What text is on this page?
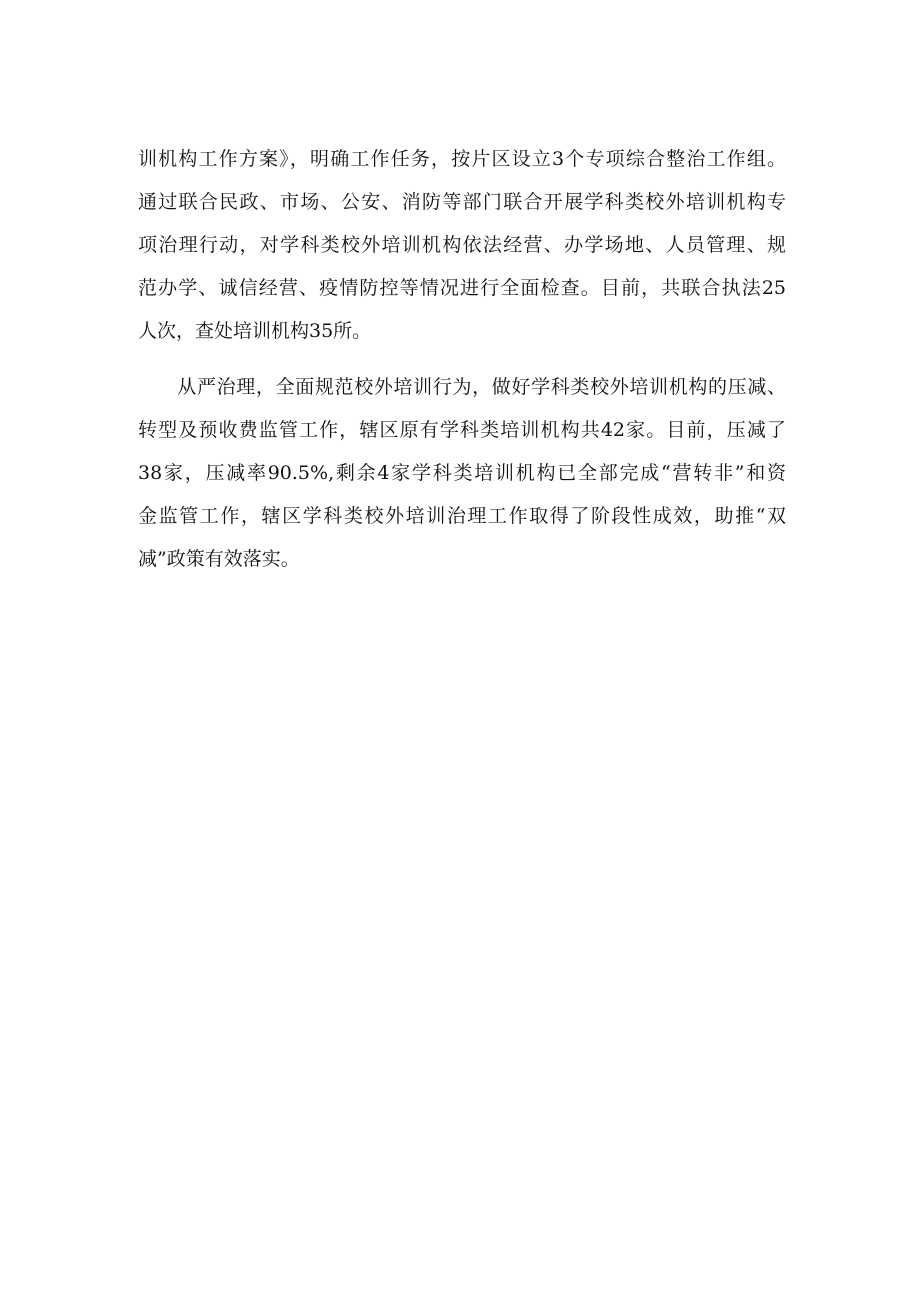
训机构工作方案》，明确工作任务，按片区设立3个专项综合整治工作组。
通过联合民政、市场、公安、消防等部门联合开展学科类校外培训机构专
项治理行动，对学科类校外培训机构依法经营、办学场地、人员管理、规
范办学、诚信经营、疫情防控等情况进行全面检查。目前，共联合执法25
人次，查处培训机构35所。
　　从严治理，全面规范校外培训行为，做好学科类校外培训机构的压减、
转型及预收费监管工作，辖区原有学科类培训机构共42家。目前，压减了
38家，压减率90.5%,剩余4家学科类培训机构已全部完成“营转非”和资
金监管工作，辖区学科类校外培训治理工作取得了阶段性成效，助推“双
减”政策有效落实。
